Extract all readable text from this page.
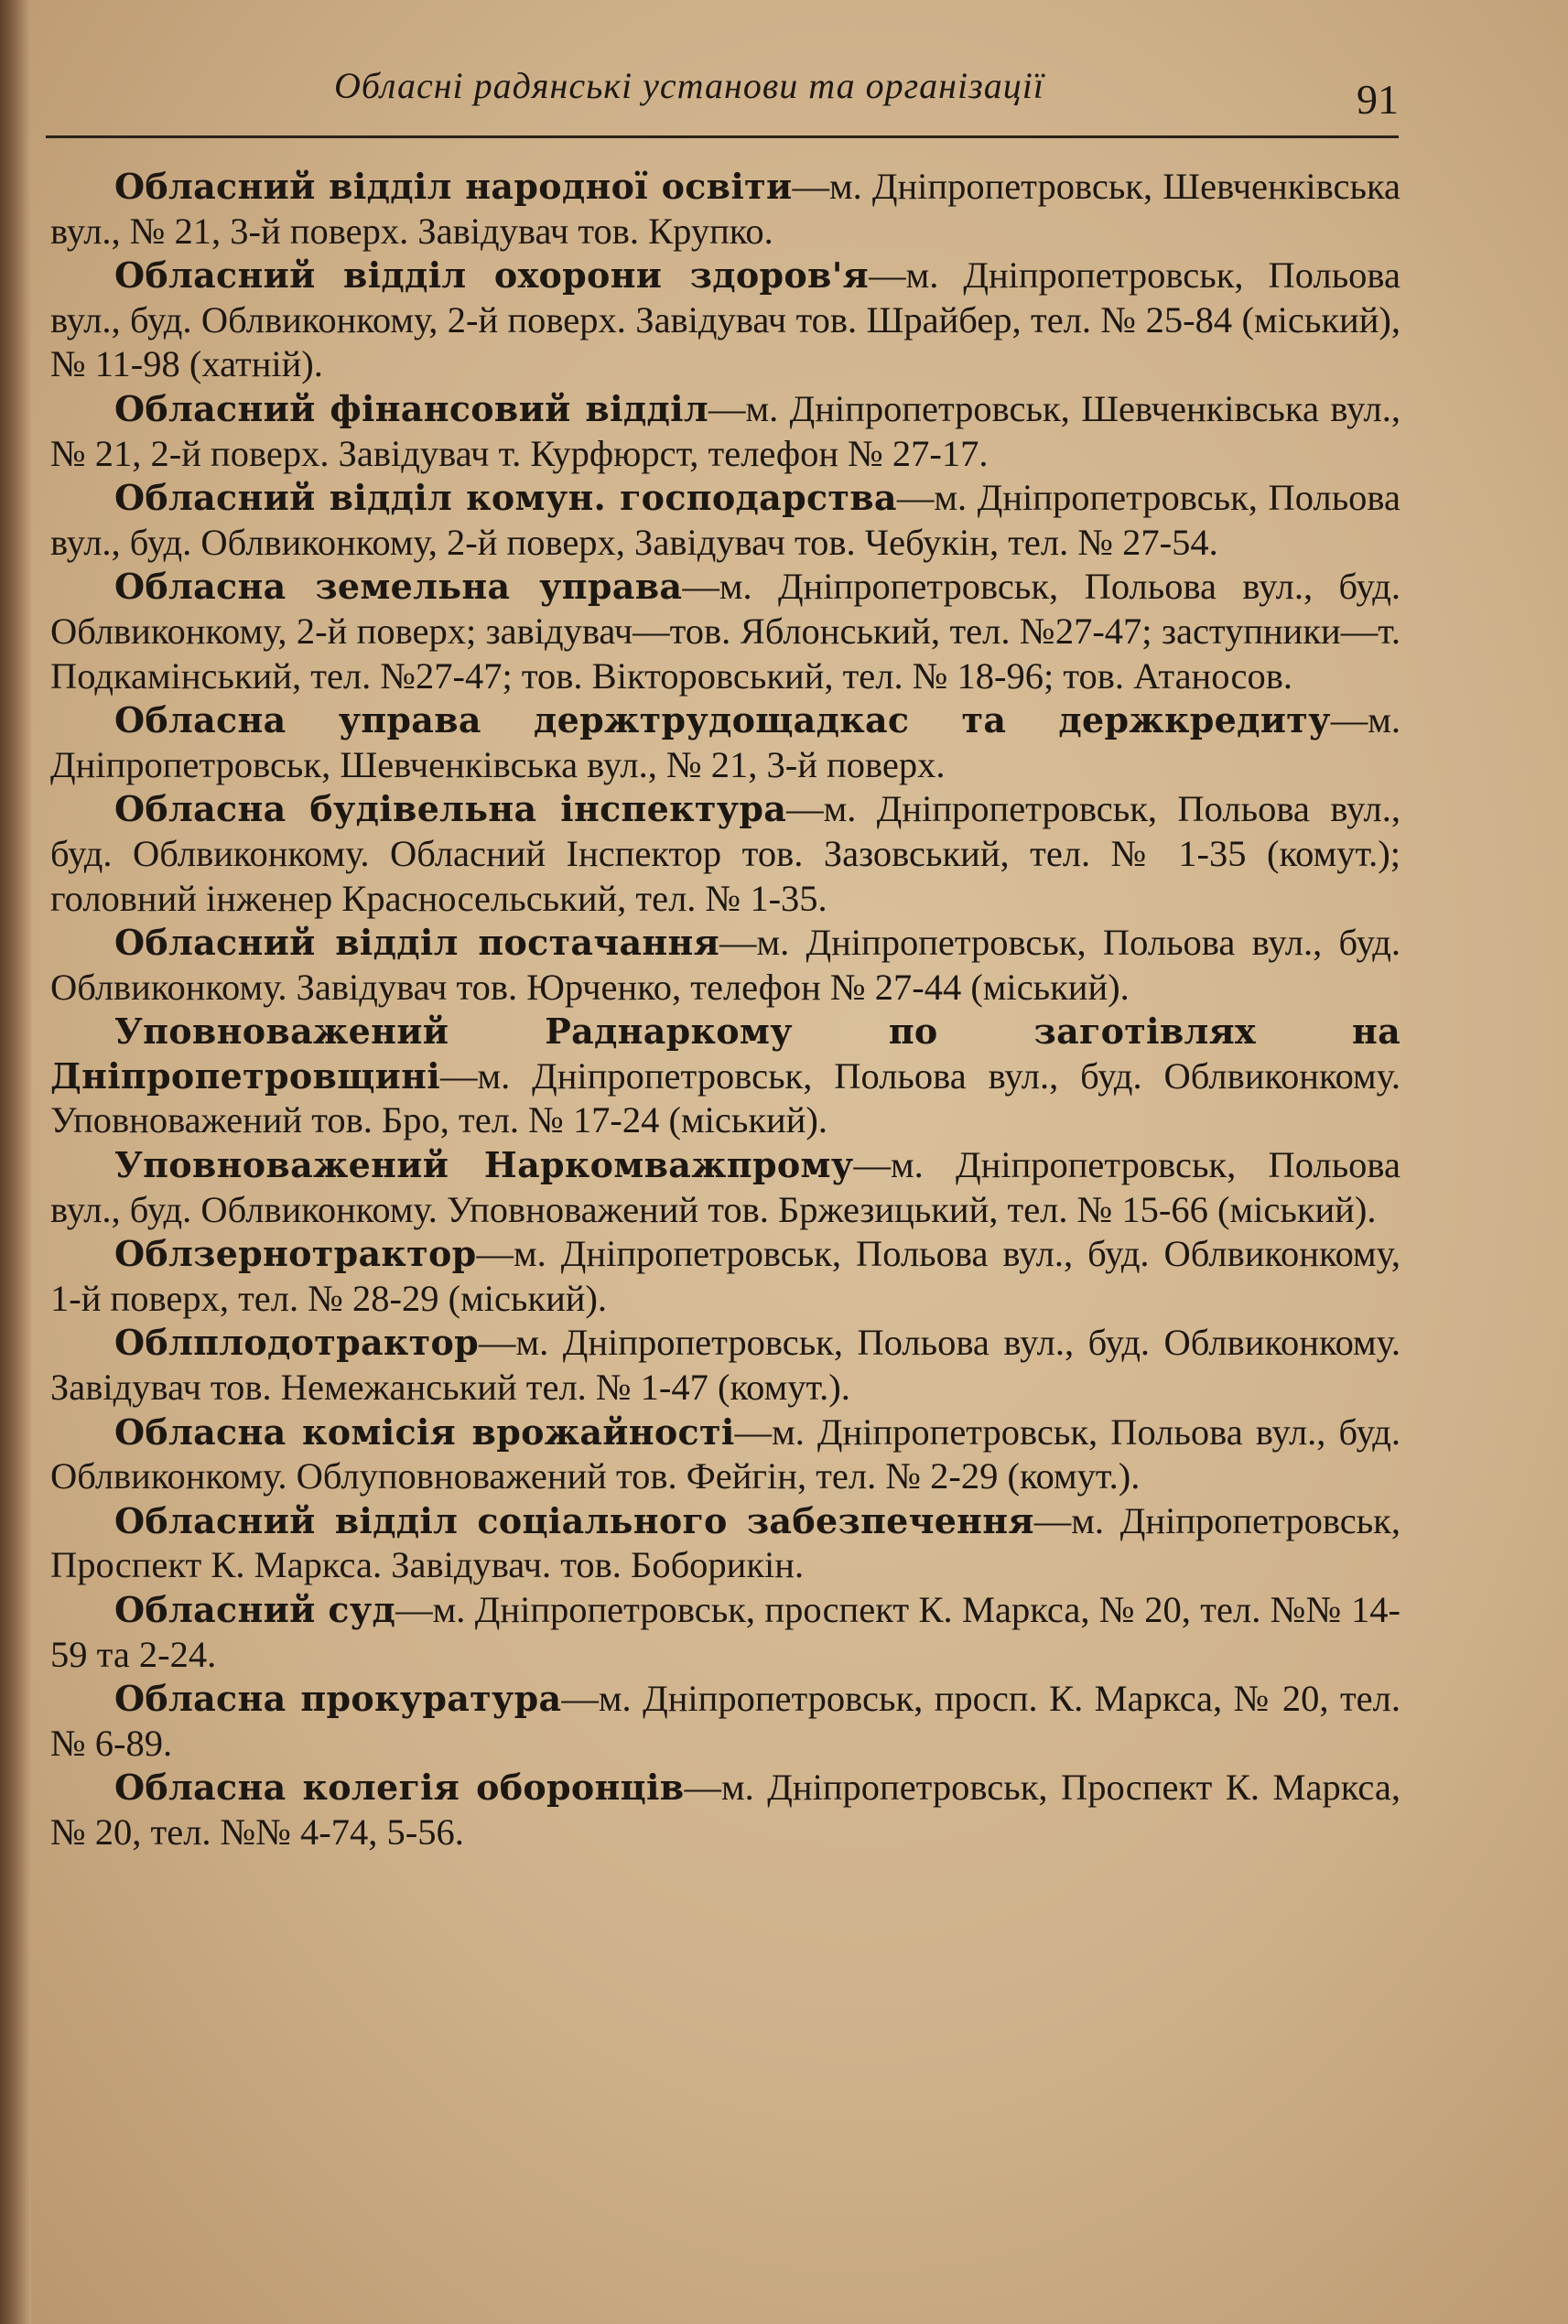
Обласні радянські установи та організації	91

Обласний відділ народної освіти—м. Дніпропетровськ, Шевченківська вул., № 21, 3-й поверх. Завідувач тов. Крупко.

Обласний відділ охорони здоров'я—м. Дніпропетровськ, Польова вул., буд. Облвиконкому, 2-й поверх. Завідувач тов. Шрайбер, тел. № 25-84 (міський), № 11-98 (хатній).

Обласний фінансовий відділ—м. Дніпропетровськ, Шевченківська вул., № 21, 2-й поверх. Завідувач т. Курфюрст, телефон № 27-17.

Обласний відділ комун. господарства—м. Дніпропетровськ, Польова вул., буд. Облвиконкому, 2-й поверх, Завідувач тов. Чебукін, тел. № 27-54.

Обласна земельна управа—м. Дніпропетровськ, Польова вул., буд. Облвиконкому, 2-й поверх; завідувач—тов. Яблонський, тел. №27-47; заступники—т. Подкамінський, тел. №27-47; тов. Вікторовський, тел. № 18-96; тов. Атаносов.

Обласна управа держтрудощадкас та держкредиту—м. Дніпропетровськ, Шевченківська вул., № 21, 3-й поверх.

Обласна будівельна інспектура—м. Дніпропетровськ, Польова вул., буд. Облвиконкому. Обласний Інспектор тов. Зазовський, тел. № 1-35 (комут.); головний інженер Красносельський, тел. № 1-35.

Обласний відділ постачання—м. Дніпропетровськ, Польова вул., буд. Облвиконкому. Завідувач тов. Юрченко, телефон № 27-44 (міський).

Уповноважений Раднаркому по заготівлях на Дніпропетровщині—м. Дніпропетровськ, Польова вул., буд. Облвиконкому. Уповноважений тов. Бро, тел. № 17-24 (міський).

Уповноважений Наркомважпрому—м. Дніпропетровськ, Польова вул., буд. Облвиконкому. Уповноважений тов. Бржезицький, тел. № 15-66 (міський).

Облзернотрактор—м. Дніпропетровськ, Польова вул., буд. Облвиконкому, 1-й поверх, тел. № 28-29 (міський).

Облплодотрактор—м. Дніпропетровськ, Польова вул., буд. Облвиконкому. Завідувач тов. Немежанський тел. № 1-47 (комут.).

Обласна комісія врожайності—м. Дніпропетровськ, Польова вул., буд. Облвиконкому. Облуповноважений тов. Фейгін, тел. № 2-29 (комут.).

Обласний відділ соціального забезпечення—м. Дніпропетровськ, Проспект К. Маркса. Завідувач. тов. Боборикін.

Обласний суд—м. Дніпропетровськ, проспект К. Маркса, № 20, тел. №№ 14-59 та 2-24.

Обласна прокуратура—м. Дніпропетровськ, просп. К. Маркса, № 20, тел. № 6-89.

Обласна колегія оборонців—м. Дніпропетровськ, Проспект К. Маркса, № 20, тел. №№ 4-74, 5-56.
